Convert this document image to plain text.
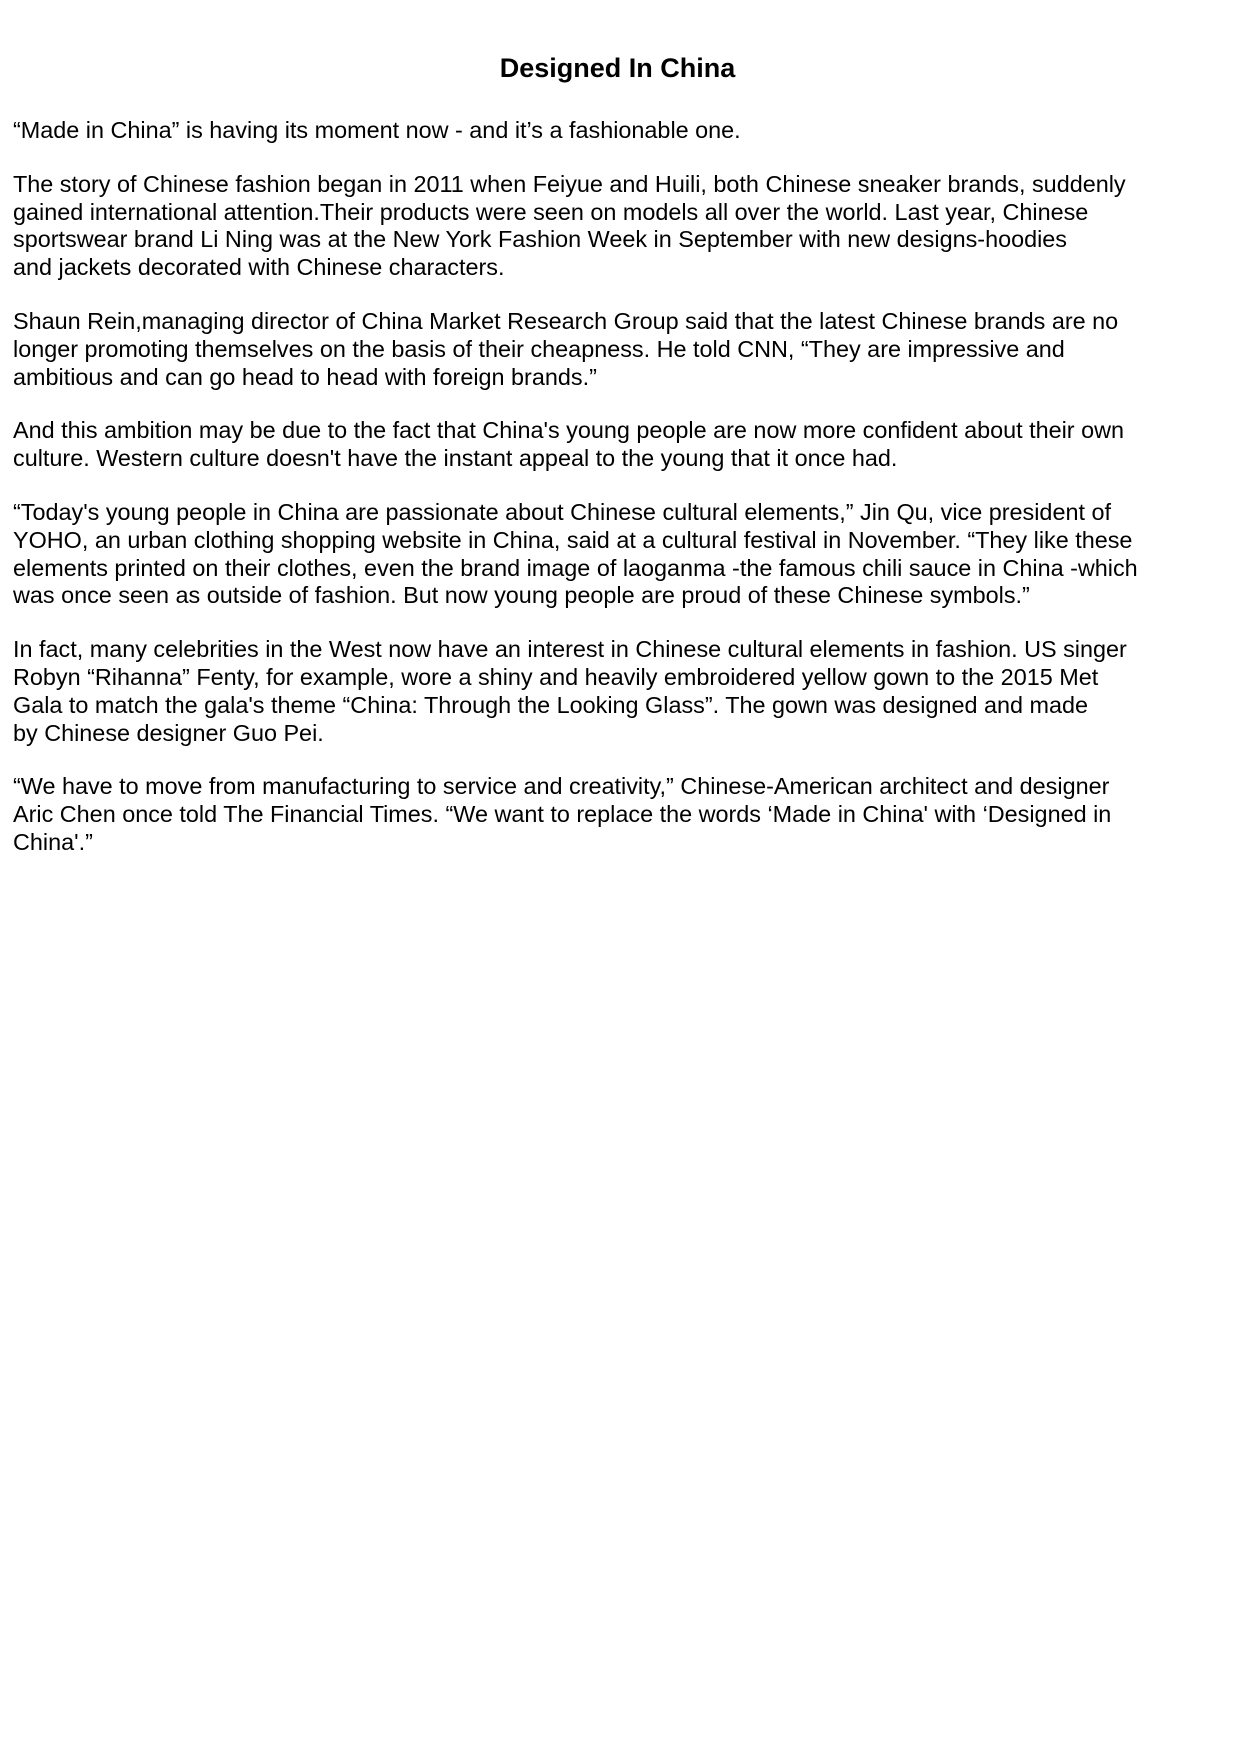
Designed In China

“Made in China” is having its moment now - and it’s a fashionable one.

The story of Chinese fashion began in 2011 when Feiyue and Huili, both Chinese sneaker brands, suddenly
gained international attention.Their products were seen on models all over the world. Last year, Chinese
sportswear brand Li Ning was at the New York Fashion Week in September with new designs-hoodies
and jackets decorated with Chinese characters.

Shaun Rein,managing director of China Market Research Group said that the latest Chinese brands are no
longer promoting themselves on the basis of their cheapness. He told CNN, “They are impressive and
ambitious and can go head to head with foreign brands.”

And this ambition may be due to the fact that China's young people are now more confident about their own
culture. Western culture doesn't have the instant appeal to the young that it once had.

“Today's young people in China are passionate about Chinese cultural elements,” Jin Qu, vice president of
YOHO, an urban clothing shopping website in China, said at a cultural festival in November. “They like these
elements printed on their clothes, even the brand image of laoganma -the famous chili sauce in China -which
was once seen as outside of fashion. But now young people are proud of these Chinese symbols.”

In fact, many celebrities in the West now have an interest in Chinese cultural elements in fashion. US singer
Robyn “Rihanna” Fenty, for example, wore a shiny and heavily embroidered yellow gown to the 2015 Met
Gala to match the gala's theme “China: Through the Looking Glass”. The gown was designed and made
by Chinese designer Guo Pei.

“We have to move from manufacturing to service and creativity,” Chinese-American architect and designer
Aric Chen once told The Financial Times. “We want to replace the words ‘Made in China' with ‘Designed in
China'.”
